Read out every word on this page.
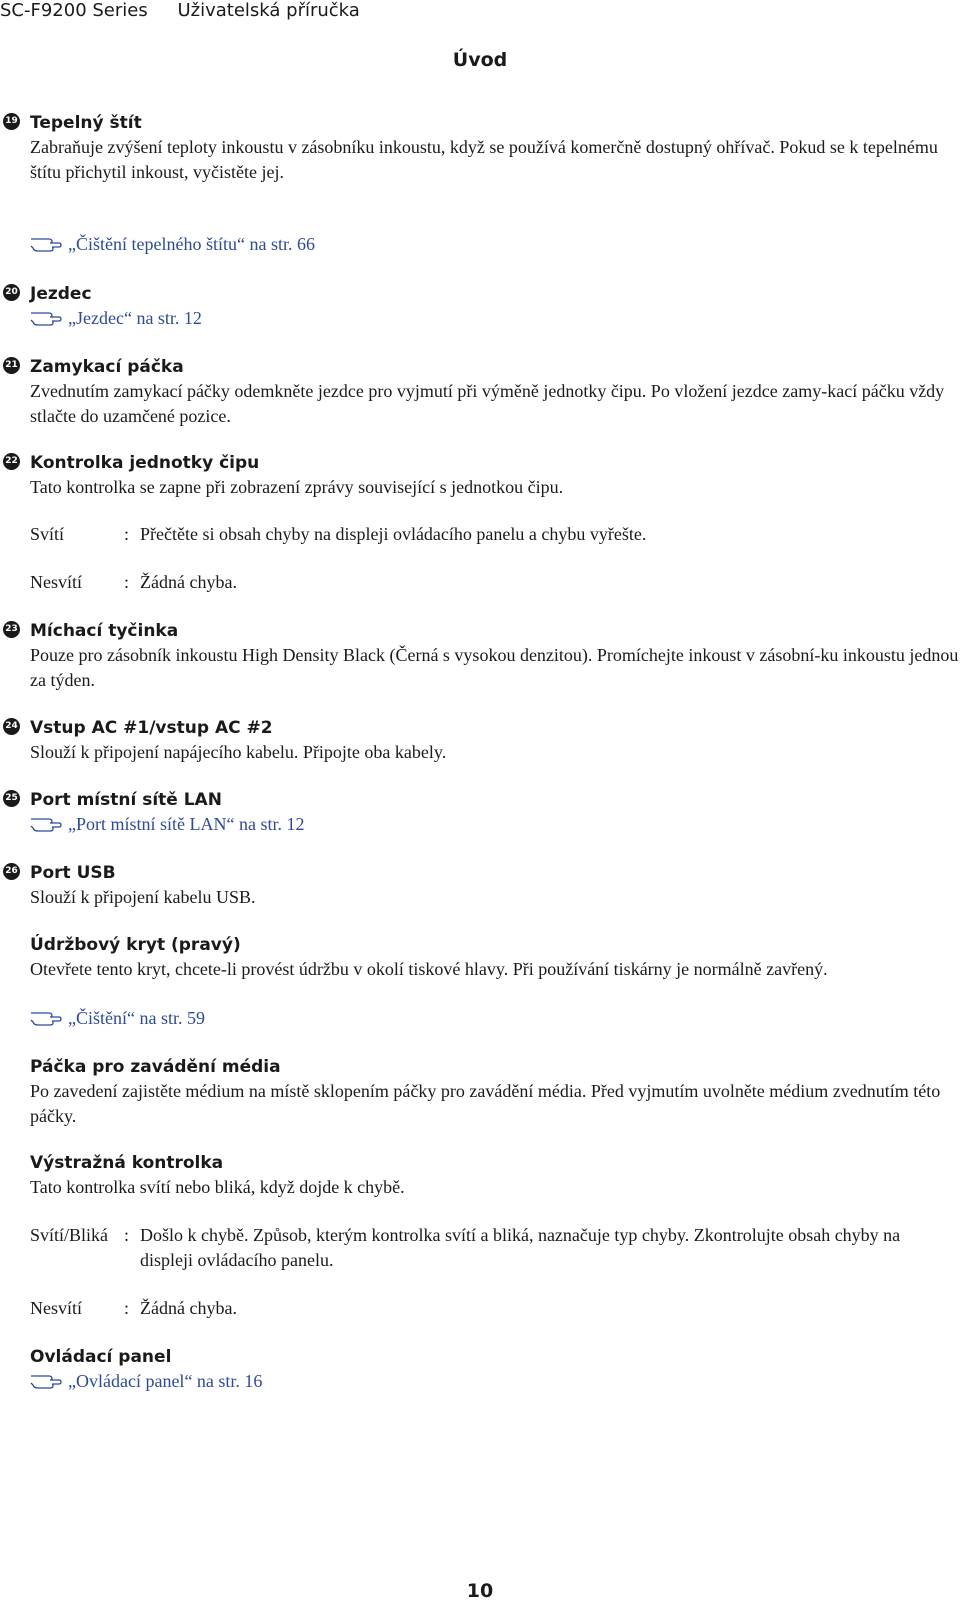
SC-F9200 Series Uživatelská příručka
Úvod
19 Tepelný štít
Zabraňuje zvýšení teploty inkoustu v zásobníku inkoustu, když se používá komerčně dostupný ohřívač. Pokud se k tepelnému štítu přichytil inkoust, vyčistěte jej.
„Čištění tepelného štítu“ na str. 66
20 Jezdec
„Jezdec“ na str. 12
21 Zamykací páčka
Zvednutím zamykací páčky odemkněte jezdce pro vyjmutí při výměně jednotky čipu. Po vložení jezdce zamy-kací páčku vždy stlačte do uzamčené pozice.
22 Kontrolka jednotky čipu
Tato kontrolka se zapne při zobrazení zprávy související s jednotkou čipu.
Svítí	: Přečtěte si obsah chyby na displeji ovládacího panelu a chybu vyřešte.
Nesvítí : Žádná chyba.
23 Míchací tyčinka
Pouze pro zásobník inkoustu High Density Black (Černá s vysokou denzitou). Promíchejte inkoust v zásobní-ku inkoustu jednou za týden.
24 Vstup AC #1/vstup AC #2
Slouží k připojení napájecího kabelu. Připojte oba kabely.
25 Port místní sítě LAN
„Port místní sítě LAN“ na str. 12
26 Port USB
Slouží k připojení kabelu USB.
Údržbový kryt (pravý)
Otevřete tento kryt, chcete-li provést údržbu v okolí tiskové hlavy. Při používání tiskárny je normálně zavřený.
„Čištění“ na str. 59
Páčka pro zavádění média
Po zavedení zajistěte médium na místě sklopením páčky pro zavádění média. Před vyjmutím uvolněte médium zvednutím této páčky.
Výstražná kontrolka
Tato kontrolka svítí nebo bliká, když dojde k chybě.
Svítí/Bliká : Došlo k chybě. Způsob, kterým kontrolka svítí a bliká, naznačuje typ chyby. Zkontrolujte obsah chyby na displeji ovládacího panelu.
Nesvítí : Žádná chyba.
Ovládací panel
„Ovládací panel“ na str. 16
10
